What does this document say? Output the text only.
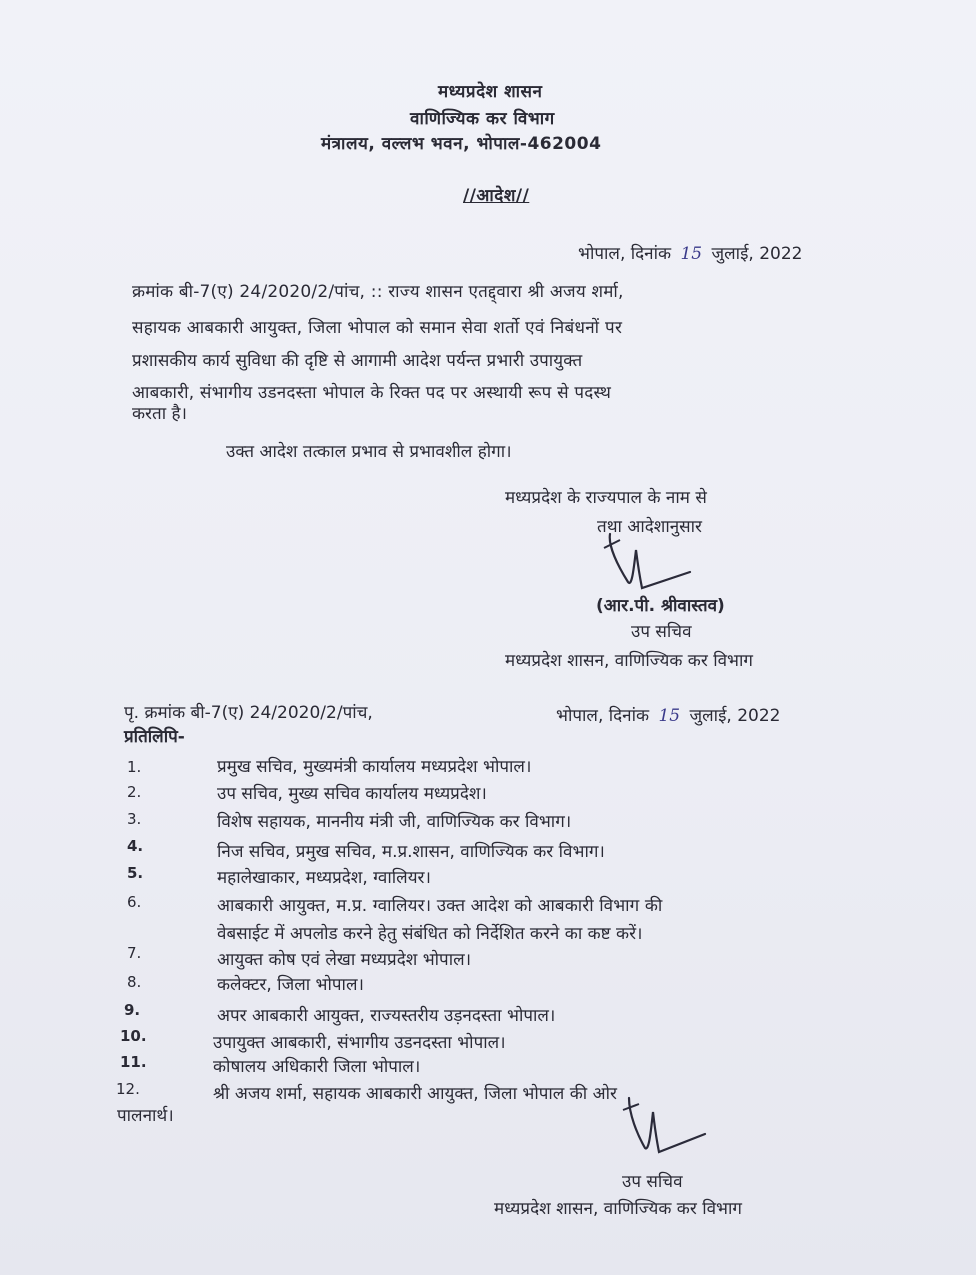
मध्यप्रदेश शासन
वाणिज्यिक कर विभाग
मंत्रालय, वल्लभ भवन, भोपाल-462004
//आदेश//
भोपाल, दिनांक 15 जुलाई, 2022
क्रमांक बी-7(ए) 24/2020/2/पांच, :: राज्य शासन एतद्द्वारा श्री अजय शर्मा,
सहायक आबकारी आयुक्त, जिला भोपाल को समान सेवा शर्तो एवं निबंधनों पर
प्रशासकीय कार्य सुविधा की दृष्टि से आगामी आदेश पर्यन्त प्रभारी उपायुक्त
आबकारी, संभागीय उडनदस्ता भोपाल के रिक्त पद पर अस्थायी रूप से पदस्थ
करता है।
उक्त आदेश तत्काल प्रभाव से प्रभावशील होगा।
मध्यप्रदेश के राज्यपाल के नाम से
तथा आदेशानुसार
(आर.पी. श्रीवास्तव)
उप सचिव
मध्यप्रदेश शासन, वाणिज्यिक कर विभाग
पृ. क्रमांक बी-7(ए) 24/2020/2/पांच,	भोपाल, दिनांक 15 जुलाई, 2022
प्रतिलिपि-
1.	प्रमुख सचिव, मुख्यमंत्री कार्यालय मध्यप्रदेश भोपाल।
2.	उप सचिव, मुख्य सचिव कार्यालय मध्यप्रदेश।
3.	विशेष सहायक, माननीय मंत्री जी, वाणिज्यिक कर विभाग।
4.	निज सचिव, प्रमुख सचिव, म.प्र.शासन, वाणिज्यिक कर विभाग।
5.	महालेखाकार, मध्यप्रदेश, ग्वालियर।
6.	आबकारी आयुक्त, म.प्र. ग्वालियर। उक्त आदेश को आबकारी विभाग की
वेबसाईट में अपलोड करने हेतु संबंधित को निर्देशित करने का कष्ट करें।
7.	आयुक्त कोष एवं लेखा मध्यप्रदेश भोपाल।
8.	कलेक्टर, जिला भोपाल।
9.	अपर आबकारी आयुक्त, राज्यस्तरीय उड़नदस्ता भोपाल।
10.	उपायुक्त आबकारी, संभागीय उडनदस्ता भोपाल।
11.	कोषालय अधिकारी जिला भोपाल।
12.	श्री अजय शर्मा, सहायक आबकारी आयुक्त, जिला भोपाल की ओर
पालनार्थ।
उप सचिव
मध्यप्रदेश शासन, वाणिज्यिक कर विभाग
